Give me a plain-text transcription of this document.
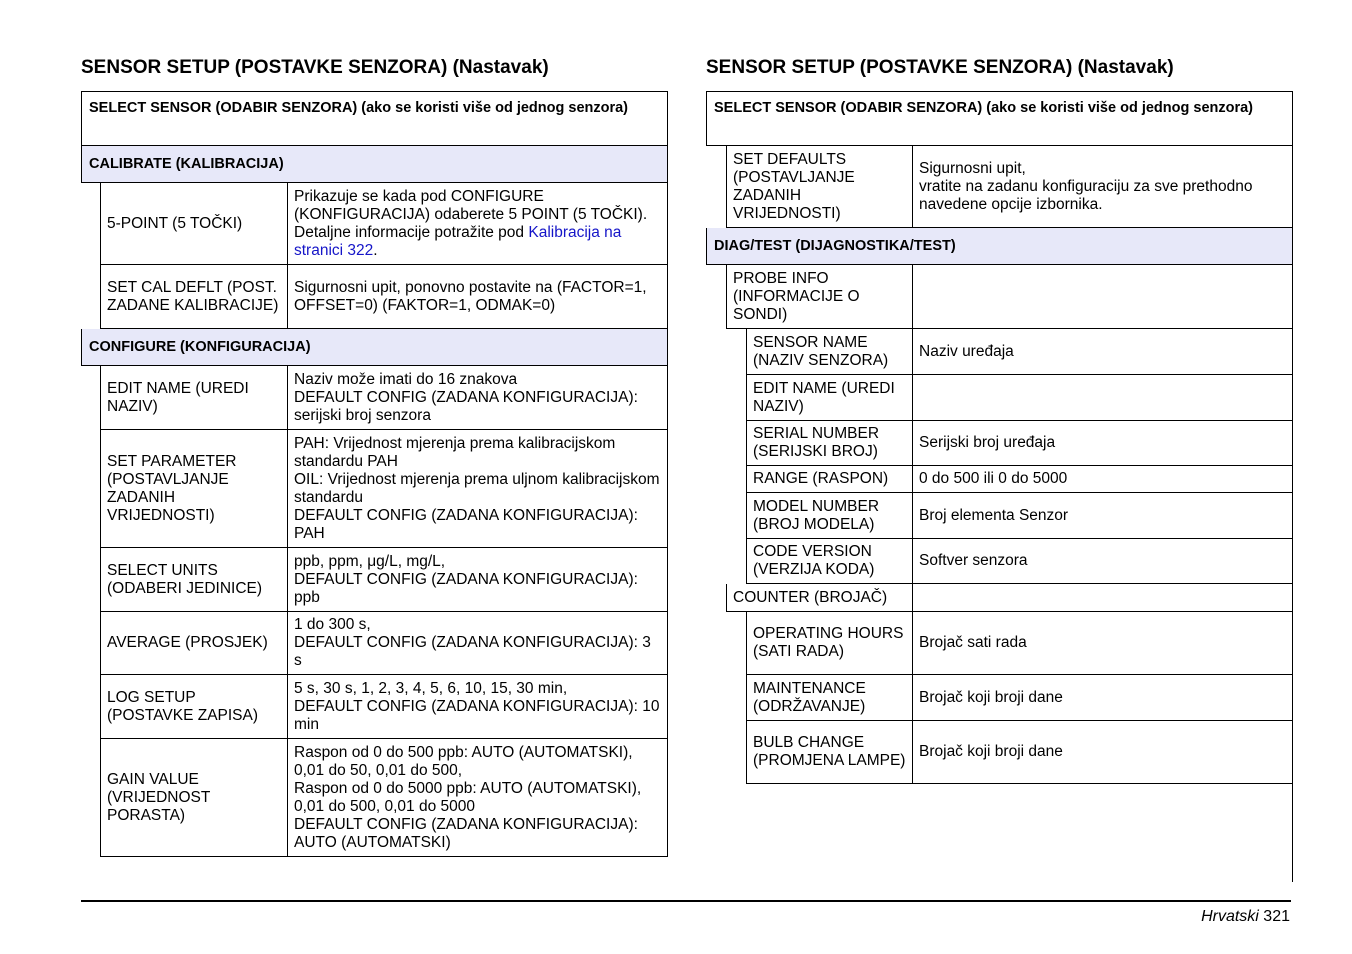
SENSOR SETUP (POSTAVKE SENZORA) (Nastavak)	SENSOR SETUP (POSTAVKE SENZORA) (Nastavak)
SELECT SENSOR (ODABIR SENZORA) (ako se koristi više od jednog senzora)
CALIBRATE (KALIBRACIJA)
5-POINT (5 TOČKI)
Prikazuje se kada pod CONFIGURE (KONFIGURACIJA) odaberete 5 POINT (5 TOČKI). Detaljne informacije potražite pod Kalibracija na stranici 322.
SET CAL DEFLT (POST. ZADANE KALIBRACIJE)
Sigurnosni upit, ponovno postavite na (FACTOR=1, OFFSET=0) (FAKTOR=1, ODMAK=0)
CONFIGURE (KONFIGURACIJA)
EDIT NAME (UREDI NAZIV)
Naziv može imati do 16 znakova
DEFAULT CONFIG (ZADANA KONFIGURACIJA): serijski broj senzora
SET PARAMETER (POSTAVLJANJE ZADANIH VRIJEDNOSTI)
PAH: Vrijednost mjerenja prema kalibracijskom standardu PAH
OIL: Vrijednost mjerenja prema uljnom kalibracijskom standardu
DEFAULT CONFIG (ZADANA KONFIGURACIJA): PAH
SELECT UNITS (ODABERI JEDINICE)
ppb, ppm, μg/L, mg/L,
DEFAULT CONFIG (ZADANA KONFIGURACIJA): ppb
AVERAGE (PROSJEK)
1 do 300 s,
DEFAULT CONFIG (ZADANA KONFIGURACIJA): 3 s
LOG SETUP (POSTAVKE ZAPISA)
5 s, 30 s, 1, 2, 3, 4, 5, 6, 10, 15, 30 min,
DEFAULT CONFIG (ZADANA KONFIGURACIJA): 10 min
GAIN VALUE (VRIJEDNOST PORASTA)
Raspon od 0 do 500 ppb: AUTO (AUTOMATSKI), 0,01 do 50, 0,01 do 500,
Raspon od 0 do 5000 ppb: AUTO (AUTOMATSKI), 0,01 do 500, 0,01 do 5000
DEFAULT CONFIG (ZADANA KONFIGURACIJA): AUTO (AUTOMATSKI)
SELECT SENSOR (ODABIR SENZORA) (ako se koristi više od jednog senzora)
SET DEFAULTS (POSTAVLJANJE ZADANIH VRIJEDNOSTI)
Sigurnosni upit,
vratite na zadanu konfiguraciju za sve prethodno navedene opcije izbornika.
DIAG/TEST (DIJAGNOSTIKA/TEST)
PROBE INFO (INFORMACIJE O SONDI)
SENSOR NAME (NAZIV SENZORA)
Naziv uređaja
EDIT NAME (UREDI NAZIV)
SERIAL NUMBER (SERIJSKI BROJ)
Serijski broj uređaja
RANGE (RASPON)	0 do 500 ili 0 do 5000
MODEL NUMBER (BROJ MODELA)
Broj elementa Senzor
CODE VERSION (VERZIJA KODA)
Softver senzora
COUNTER (BROJAČ)
OPERATING HOURS (SATI RADA)
Brojač sati rada
MAINTENANCE (ODRŽAVANJE)
Brojač koji broji dane
BULB CHANGE (PROMJENA LAMPE)
Brojač koji broji dane
Hrvatski 321
